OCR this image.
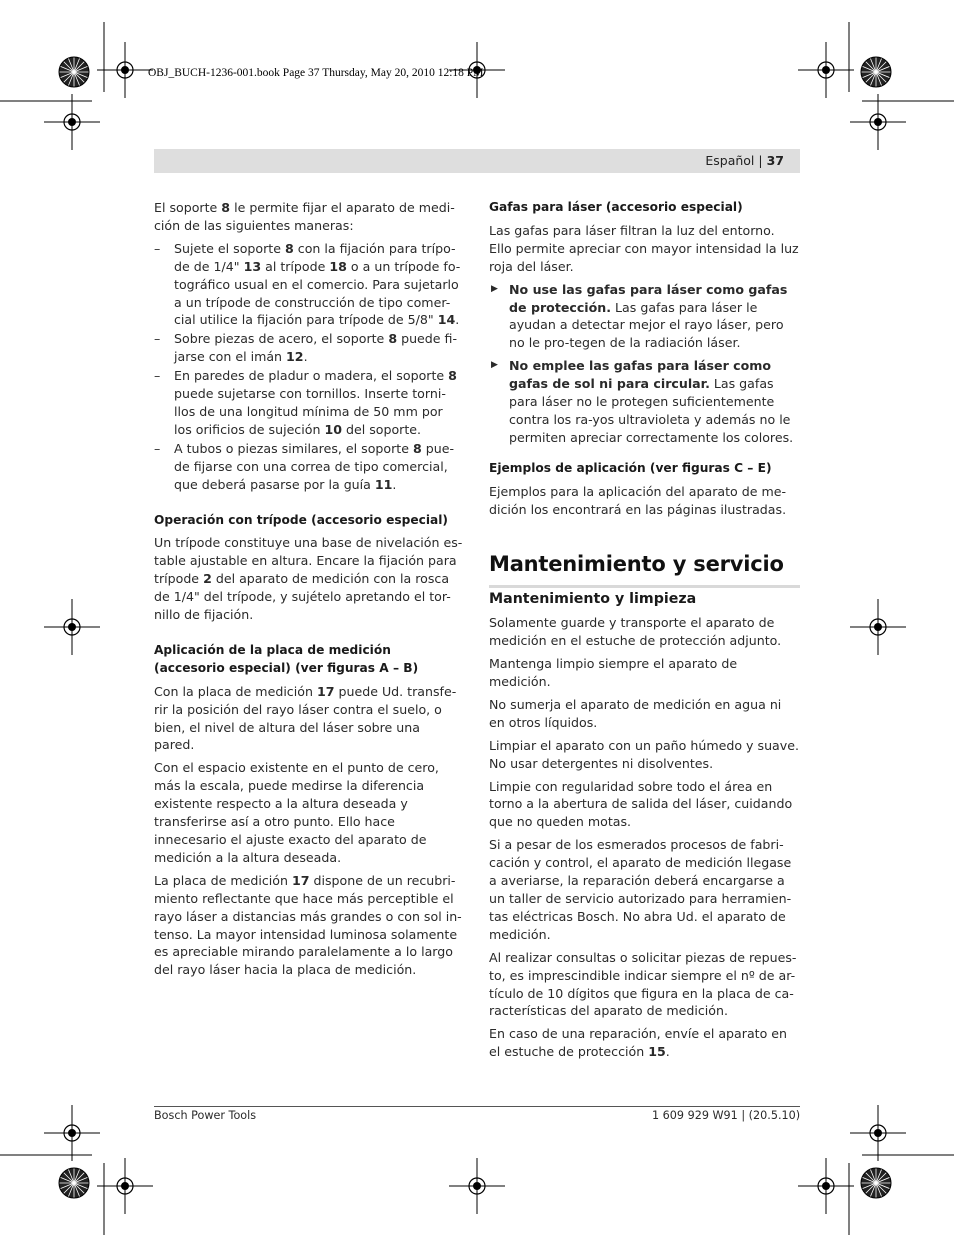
OBJ_BUCH-1236-001.book Page 37 Thursday, May 20, 2010 12:18 PM
Español | 37

El soporte 8 le permite fijar el aparato de medi-ción de las siguientes maneras:

– Sujete el soporte 8 con la fijación para trípo-de de 1/4" 13 al trípode 18 o a un trípode fo-tográfico usual en el comercio. Para sujetarlo a un trípode de construcción de tipo comer-cial utilice la fijación para trípode de 5/8" 14.
– Sobre piezas de acero, el soporte 8 puede fi-jarse con el imán 12.
– En paredes de pladur o madera, el soporte 8 puede sujetarse con tornillos. Inserte torni-llos de una longitud mínima de 50 mm por los orificios de sujeción 10 del soporte.
– A tubos o piezas similares, el soporte 8 pue-de fijarse con una correa de tipo comercial, que deberá pasarse por la guía 11.
Operación con trípode (accesorio especial)

Un trípode constituye una base de nivelación es-table ajustable en altura. Encare la fijación para trípode 2 del aparato de medición con la rosca de 1/4" del trípode, y sujételo apretando el tor-nillo de fijación.

Aplicación de la placa de medición
(accesorio especial) (ver figuras A – B)

Con la placa de medición 17 puede Ud. transfe-rir la posición del rayo láser contra el suelo, o bien, el nivel de altura del láser sobre una pared.

Con el espacio existente en el punto de cero, más la escala, puede medirse la diferencia existente respecto a la altura deseada y transferirse así a otro punto. Ello hace innecesario el ajuste exacto del aparato de medición a la altura deseada.

La placa de medición 17 dispone de un recubri-miento reflectante que hace más perceptible el rayo láser a distancias más grandes o con sol in-tenso. La mayor intensidad luminosa solamente es apreciable mirando paralelamente a lo largo del rayo láser hacia la placa de medición.

Gafas para láser (accesorio especial)

Las gafas para láser filtran la luz del entorno. Ello permite apreciar con mayor intensidad la luz roja del láser.

▶ No use las gafas para láser como gafas de protección. Las gafas para láser le ayudan a detectar mejor el rayo láser, pero no le pro-tegen de la radiación láser.
▶ No emplee las gafas para láser como gafas de sol ni para circular. Las gafas para láser no le protegen suficientemente contra los ra-yos ultravioleta y además no le permiten apreciar correctamente los colores.
Ejemplos de aplicación (ver figuras C – E)

Ejemplos para la aplicación del aparato de me-dición los encontrará en las páginas ilustradas.

Mantenimiento y servicio
Mantenimiento y limpieza

Solamente guarde y transporte el aparato de medición en el estuche de protección adjunto.

Mantenga limpio siempre el aparato de medición.

No sumerja el aparato de medición en agua ni en otros líquidos.

Limpiar el aparato con un paño húmedo y suave. No usar detergentes ni disolventes.

Limpie con regularidad sobre todo el área en torno a la abertura de salida del láser, cuidando que no queden motas.

Si a pesar de los esmerados procesos de fabri-cación y control, el aparato de medición llegase a averiarse, la reparación deberá encargarse a un taller de servicio autorizado para herramien-tas eléctricas Bosch. No abra Ud. el aparato de medición.

Al realizar consultas o solicitar piezas de repues-to, es imprescindible indicar siempre el nº de ar-tículo de 10 dígitos que figura en la placa de ca-racterísticas del aparato de medición.

En caso de una reparación, envíe el aparato en el estuche de protección 15.

Bosch Power Tools	1 609 929 W91 | (20.5.10)
